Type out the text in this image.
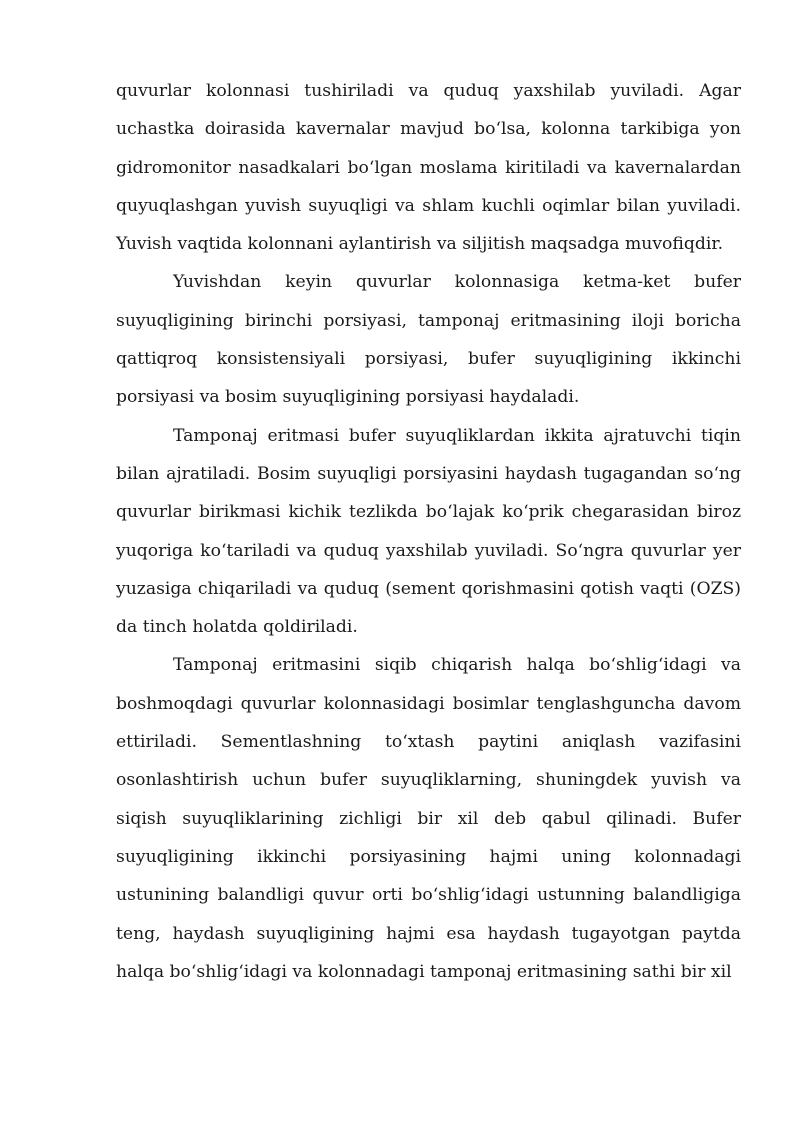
quvurlar kolonnasi tushiriladi va quduq yaxshilab yuviladi. Agar uchastka doirasida kavernalar mavjud boʻlsa, kolonna tarkibiga yon gidromonitor nasadkalari boʻlgan moslama kiritiladi va kavernalardan quyuqlashgan yuvish suyuqligi va shlam kuchli oqimlar bilan yuviladi. Yuvish vaqtida kolonnani aylantirish va siljitish maqsadga muvofiqdir.

Yuvishdan keyin quvurlar kolonnasiga ketma-ket bufer suyuqligining birinchi porsiyasi, tamponaj eritmasining iloji boricha qattiqroq konsistensiyali porsiyasi, bufer suyuqligining ikkinchi porsiyasi va bosim suyuqligining porsiyasi haydaladi.

Tamponaj eritmasi bufer suyuqliklardan ikkita ajratuvchi tiqin bilan ajratiladi. Bosim suyuqligi porsiyasini haydash tugagandan soʻng quvurlar birikmasi kichik tezlikda boʻlajak koʻprik chegarasidan biroz yuqoriga koʻtariladi va quduq yaxshilab yuviladi. Soʻngra quvurlar yer yuzasiga chiqariladi va quduq (sement qorishmasini qotish vaqti (OZS) da tinch holatda qoldiriladi.

Tamponaj eritmasini siqib chiqarish halqa boʻshligʻidagi va boshmoqdagi quvurlar kolonnasidagi bosimlar tenglashguncha davom ettiriladi. Sementlashning toʻxtash paytini aniqlash vazifasini osonlashtirish uchun bufer suyuqliklarning, shuningdek yuvish va siqish suyuqliklarining zichligi bir xil deb qabul qilinadi. Bufer suyuqligining ikkinchi porsiyasining hajmi uning kolonnadagi ustunining balandligi quvur orti boʻshligʻidagi ustunning balandligiga teng, haydash suyuqligining hajmi esa haydash tugayotgan paytda halqa boʻshligʻidagi va kolonnadagi tamponaj eritmasining sathi bir xil
